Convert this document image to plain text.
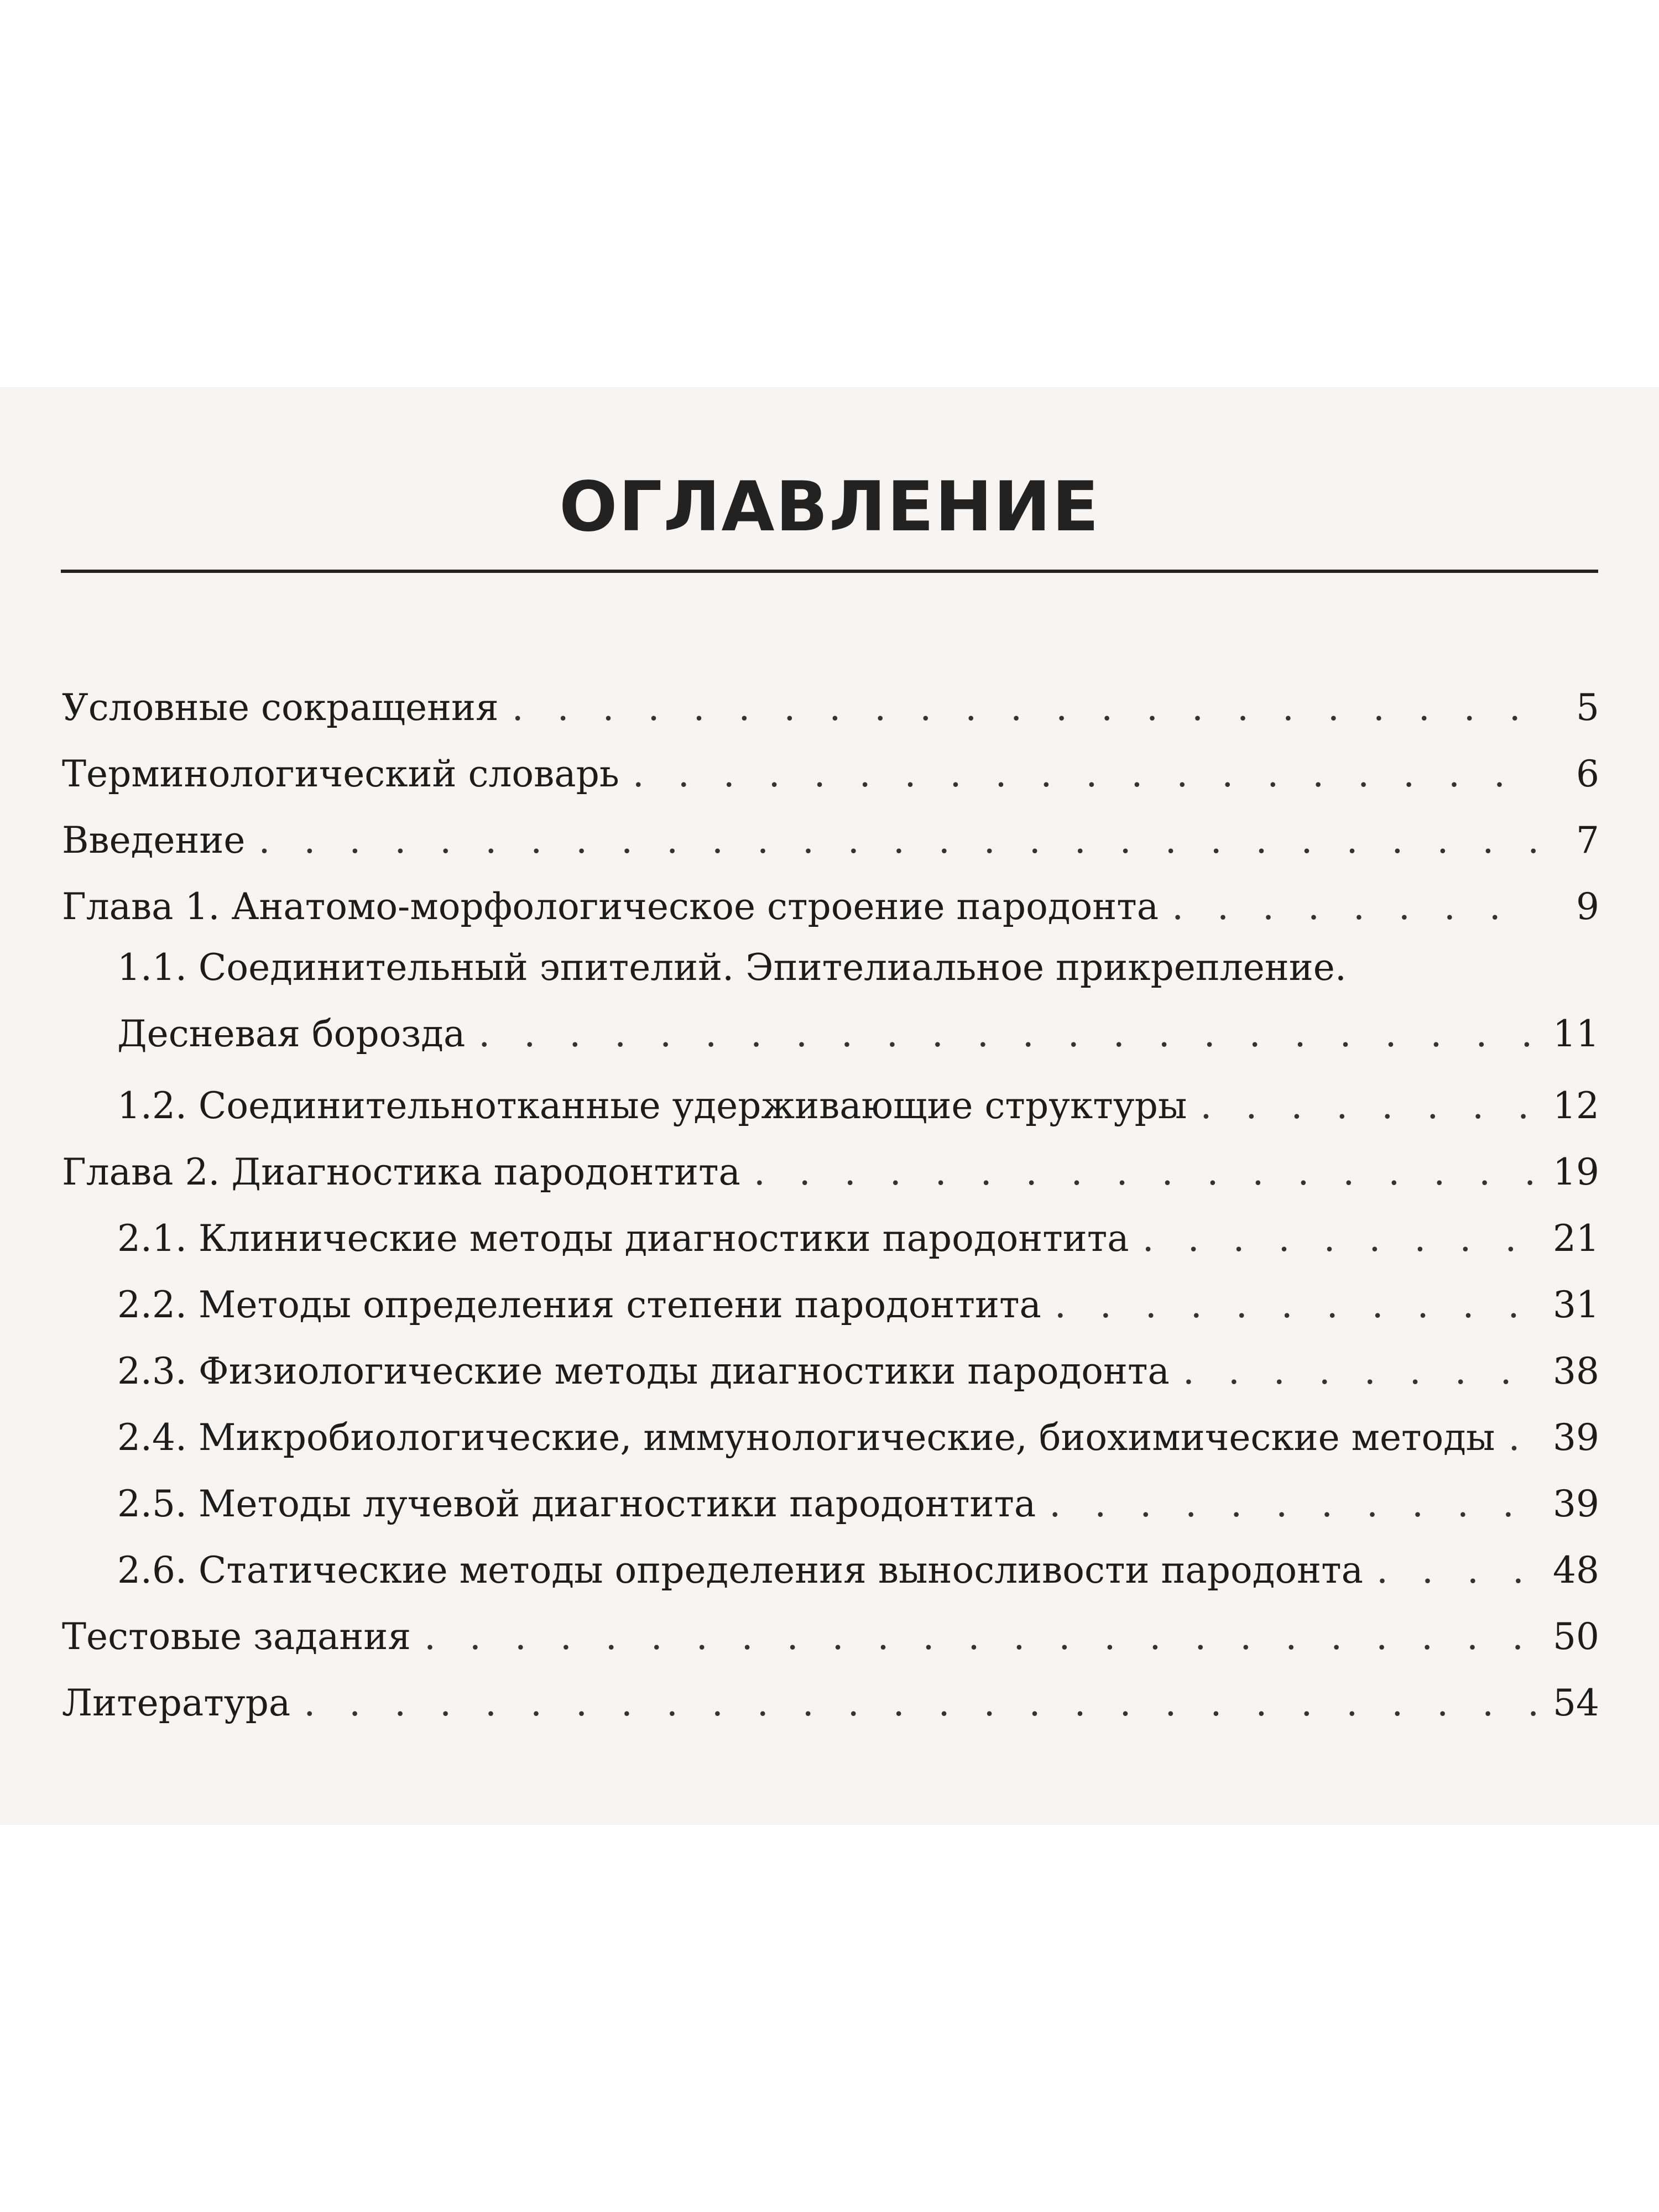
ОГЛАВЛЕНИЕ
Условные сокращения . . .	5
Терминологический словарь . . .	6
Введение . . .	7
Глава 1. Анатомо-морфологическое строение пародонта . . .	9
1.1. Соединительный эпителий. Эпителиальное прикрепление.
Десневая борозда . . .	11
1.2. Соединительнотканные удерживающие структуры . . .	12
Глава 2. Диагностика пародонтита . . .	19
2.1. Клинические методы диагностики пародонтита . . .	21
2.2. Методы определения степени пародонтита . . .	31
2.3. Физиологические методы диагностики пародонта . . .	38
2.4. Микробиологические, иммунологические, биохимические методы . . . 39
2.5. Методы лучевой диагностики пародонтита . . .	39
2.6. Статические методы определения выносливости пародонта . . .	48
Тестовые задания . . .	50
Литература . . .	54
